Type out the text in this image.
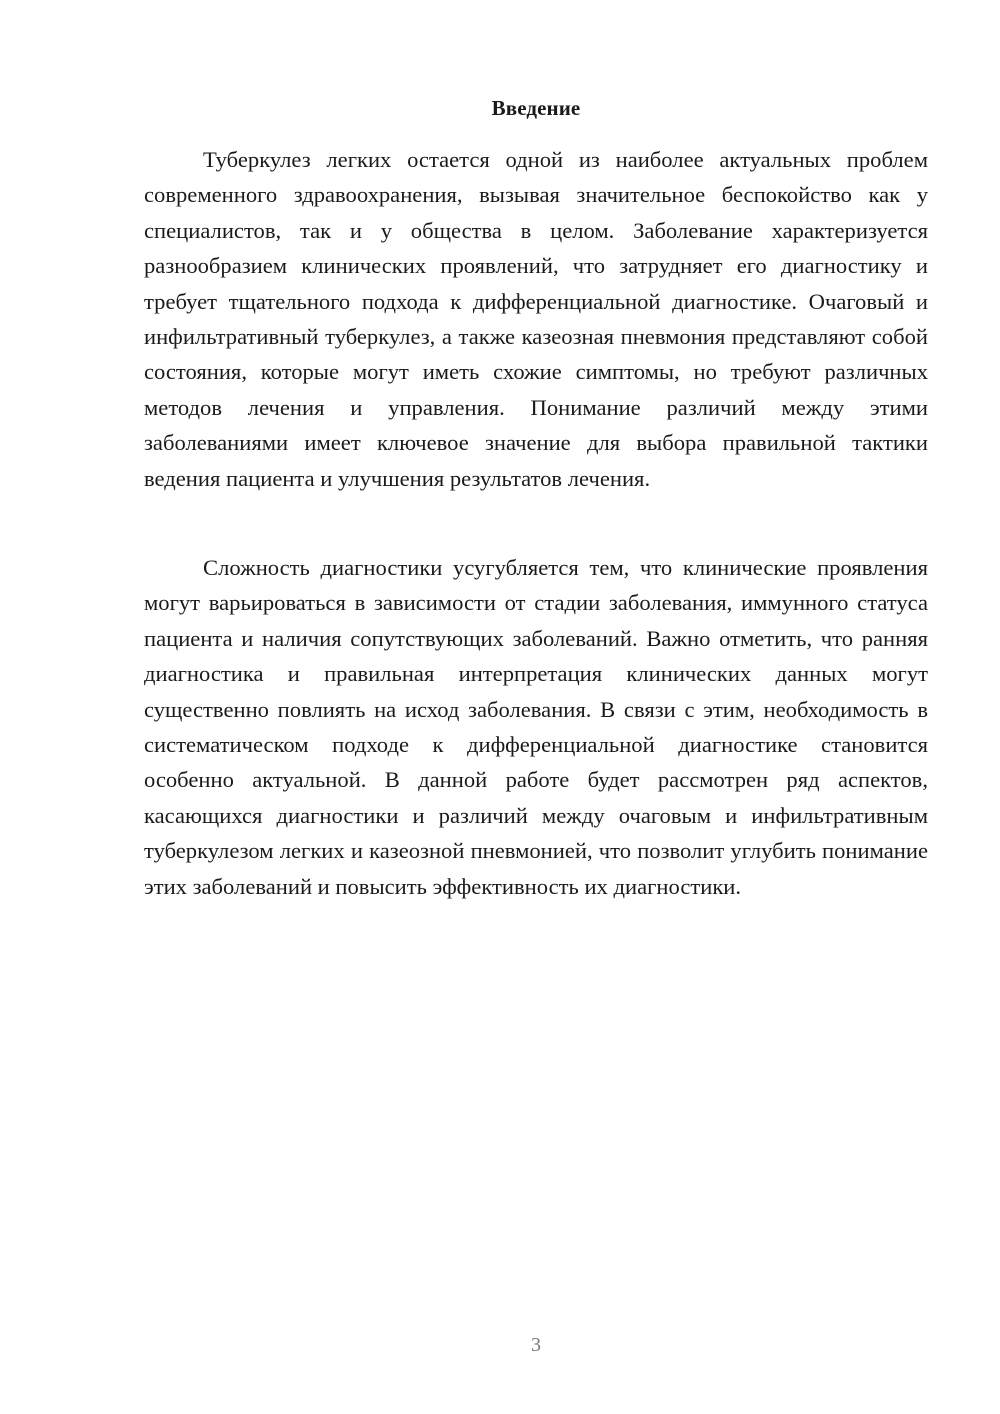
Введение

Туберкулез легких остается одной из наиболее актуальных проблем современного здравоохранения, вызывая значительное беспокойство как у специалистов, так и у общества в целом. Заболевание характеризуется разнообразием клинических проявлений, что затрудняет его диагностику и требует тщательного подхода к дифференциальной диагностике. Очаговый и инфильтративный туберкулез, а также казеозная пневмония представляют собой состояния, которые могут иметь схожие симптомы, но требуют различных методов лечения и управления. Понимание различий между этими заболеваниями имеет ключевое значение для выбора правильной тактики ведения пациента и улучшения результатов лечения.

Сложность диагностики усугубляется тем, что клинические проявления могут варьироваться в зависимости от стадии заболевания, иммунного статуса пациента и наличия сопутствующих заболеваний. Важно отметить, что ранняя диагностика и правильная интерпретация клинических данных могут существенно повлиять на исход заболевания. В связи с этим, необходимость в систематическом подходе к дифференциальной диагностике становится особенно актуальной. В данной работе будет рассмотрен ряд аспектов, касающихся диагностики и различий между очаговым и инфильтративным туберкулезом легких и казеозной пневмонией, что позволит углубить понимание этих заболеваний и повысить эффективность их диагностики.

3
